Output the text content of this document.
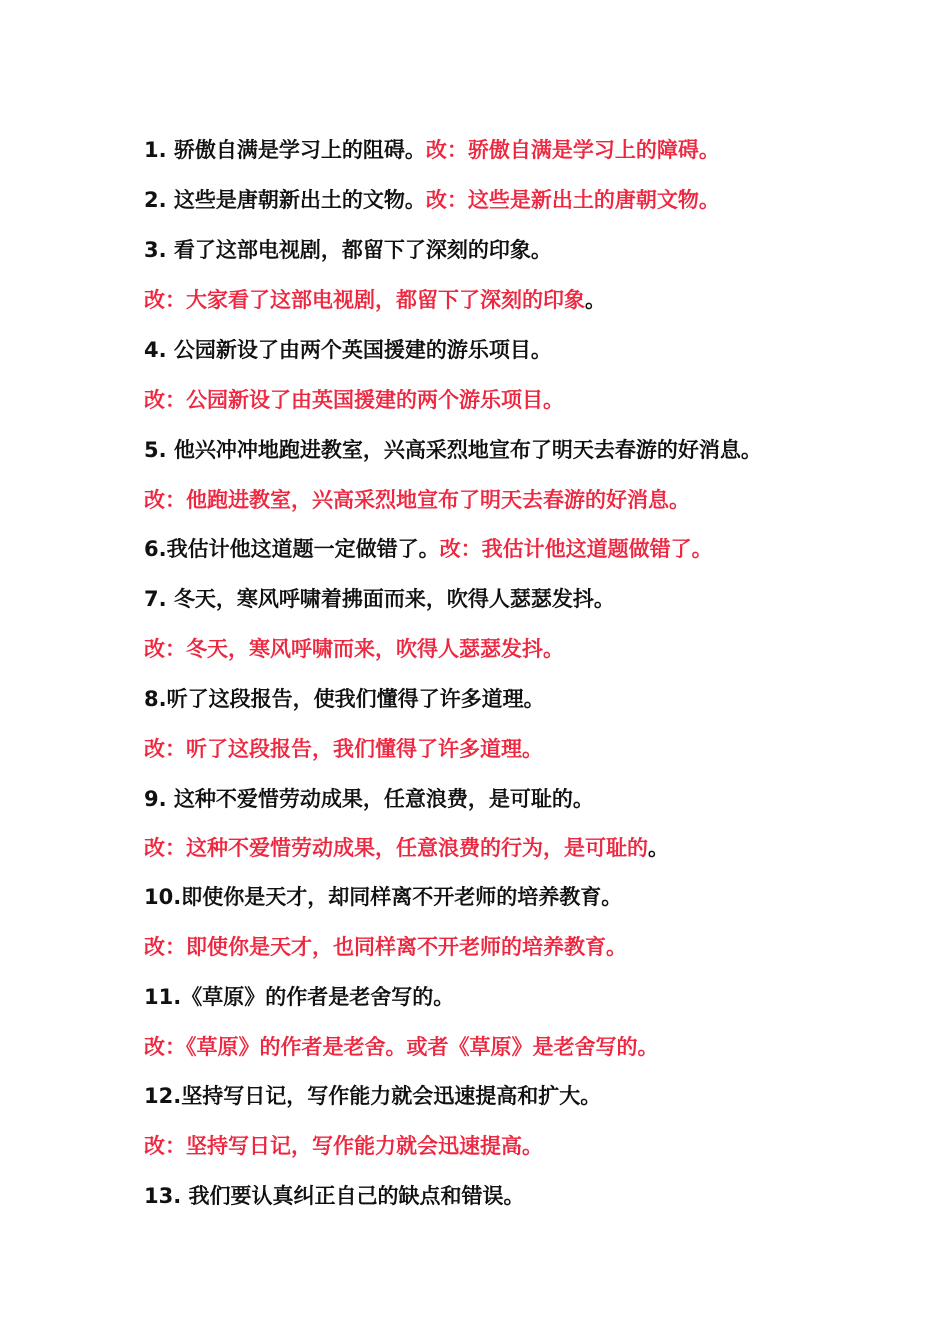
1. 骄傲自满是学习上的阻碍。改：骄傲自满是学习上的障碍。
2. 这些是唐朝新出土的文物。改：这些是新出土的唐朝文物。
3. 看了这部电视剧，都留下了深刻的印象。
改：大家看了这部电视剧，都留下了深刻的印象。
4. 公园新设了由两个英国援建的游乐项目。
改：公园新设了由英国援建的两个游乐项目。
5. 他兴冲冲地跑进教室，兴高采烈地宣布了明天去春游的好消息。
改：他跑进教室，兴高采烈地宣布了明天去春游的好消息。
6.我估计他这道题一定做错了。改：我估计他这道题做错了。
7. 冬天，寒风呼啸着拂面而来，吹得人瑟瑟发抖。
改：冬天，寒风呼啸而来，吹得人瑟瑟发抖。
8.听了这段报告，使我们懂得了许多道理。
改：听了这段报告，我们懂得了许多道理。
9. 这种不爱惜劳动成果，任意浪费，是可耻的。
改：这种不爱惜劳动成果，任意浪费的行为，是可耻的。
10.即使你是天才，却同样离不开老师的培养教育。
改：即使你是天才，也同样离不开老师的培养教育。
11.《草原》的作者是老舍写的。
改：《草原》的作者是老舍。或者《草原》是老舍写的。
12.坚持写日记，写作能力就会迅速提高和扩大。
改：坚持写日记，写作能力就会迅速提高。
13. 我们要认真纠正自己的缺点和错误。
